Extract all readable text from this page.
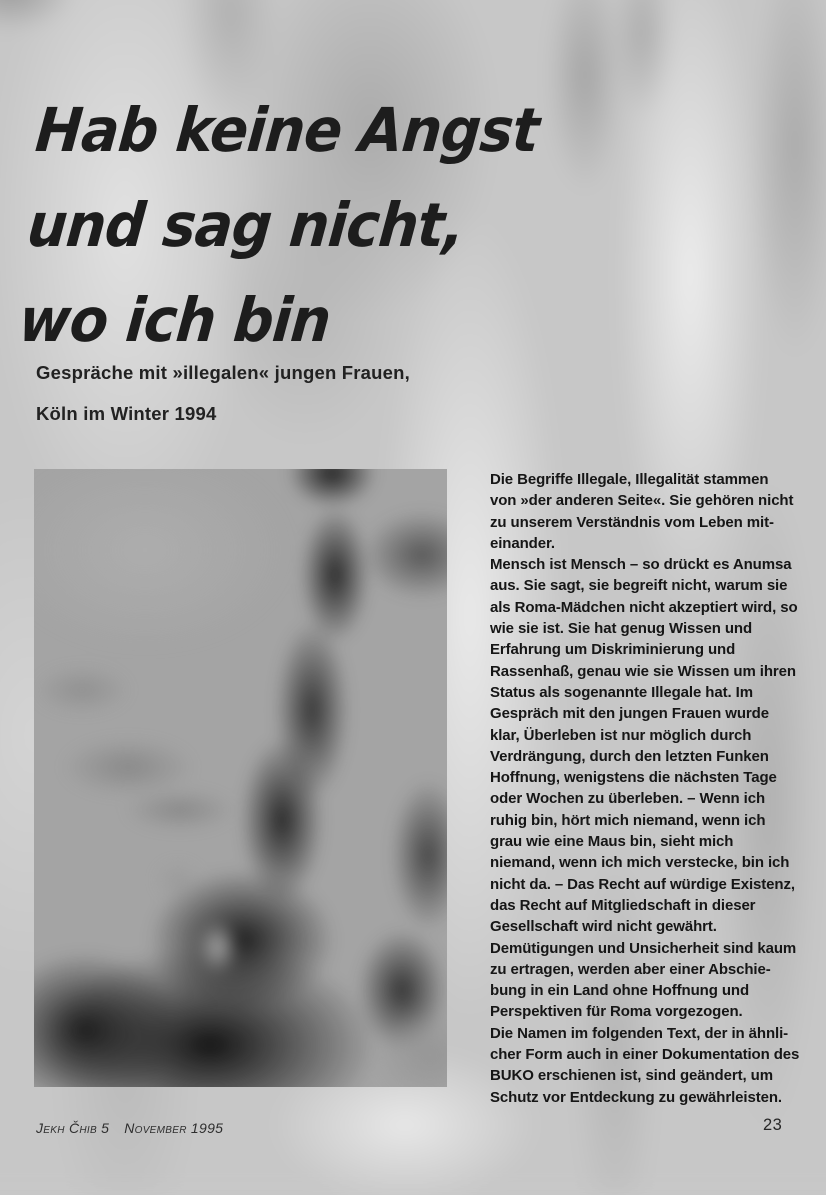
Hab keine Angst
und sag nicht,
wo ich bin
Gespräche mit »illegalen« jungen Frauen,
Köln im Winter 1994
Die Begriffe Illegale, Illegalität stammen
von »der anderen Seite«. Sie gehören nicht
zu unserem Verständnis vom Leben mit-
einander.
Mensch ist Mensch – so drückt es Anumsa
aus. Sie sagt, sie begreift nicht, warum sie
als Roma-Mädchen nicht akzeptiert wird, so
wie sie ist. Sie hat genug Wissen und
Erfahrung um Diskriminierung und
Rassenhaß, genau wie sie Wissen um ihren
Status als sogenannte Illegale hat. Im
Gespräch mit den jungen Frauen wurde
klar, Überleben ist nur möglich durch
Verdrängung, durch den letzten Funken
Hoffnung, wenigstens die nächsten Tage
oder Wochen zu überleben. – Wenn ich
ruhig bin, hört mich niemand, wenn ich
grau wie eine Maus bin, sieht mich
niemand, wenn ich mich verstecke, bin ich
nicht da. – Das Recht auf würdige Existenz,
das Recht auf Mitgliedschaft in dieser
Gesellschaft wird nicht gewährt.
Demütigungen und Unsicherheit sind kaum
zu ertragen, werden aber einer Abschie-
bung in ein Land ohne Hoffnung und
Perspektiven für Roma vorgezogen.
Die Namen im folgenden Text, der in ähnli-
cher Form auch in einer Dokumentation des
BUKO erschienen ist, sind geändert, um
Schutz vor Entdeckung zu gewährleisten.
Jekh Čhib 5 November 1995	23
